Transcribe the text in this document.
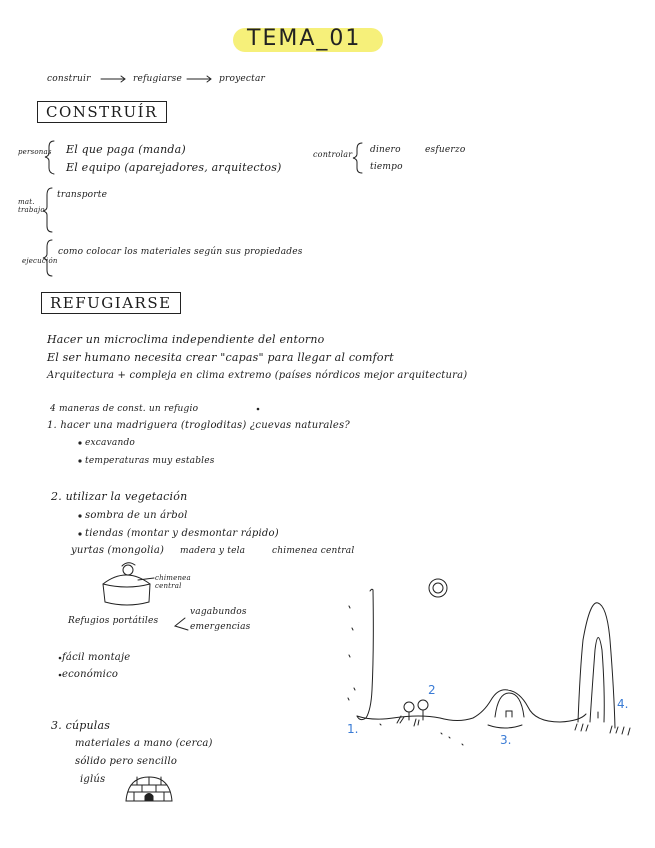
TEMA_01
construir	refugiarse	proyectar
CONSTRUÍR
personas El que paga (manda)
El equipo (aparejadores, arquitectos)
controlar dinero
tiempo
esfuerzo
mat. trabajo
transporte
ejecución
como colocar los materiales según sus propiedades
REFUGIARSE
Hacer un microclima independiente del entorno
El ser humano necesita crear "capas" para llegar al comfort
Arquitectura + compleja en clima extremo (países nórdicos mejor arquitectura)
4 maneras de const. un refugio
1. hacer una madriguera (trogloditas) ¿cuevas naturales?
excavando
temperaturas muy estables
2. utilizar la vegetación
sombra de un árbol
tiendas (montar y desmontar rápido)
yurtas (mongolia) madera y tela	chimenea central
chimenea central
Refugios portátiles
vagabundos
emergencias
fácil montaje
económico
3. cúpulas
materiales a mano (cerca)
sólido pero sencillo
iglús
1.
2
3.
4.
